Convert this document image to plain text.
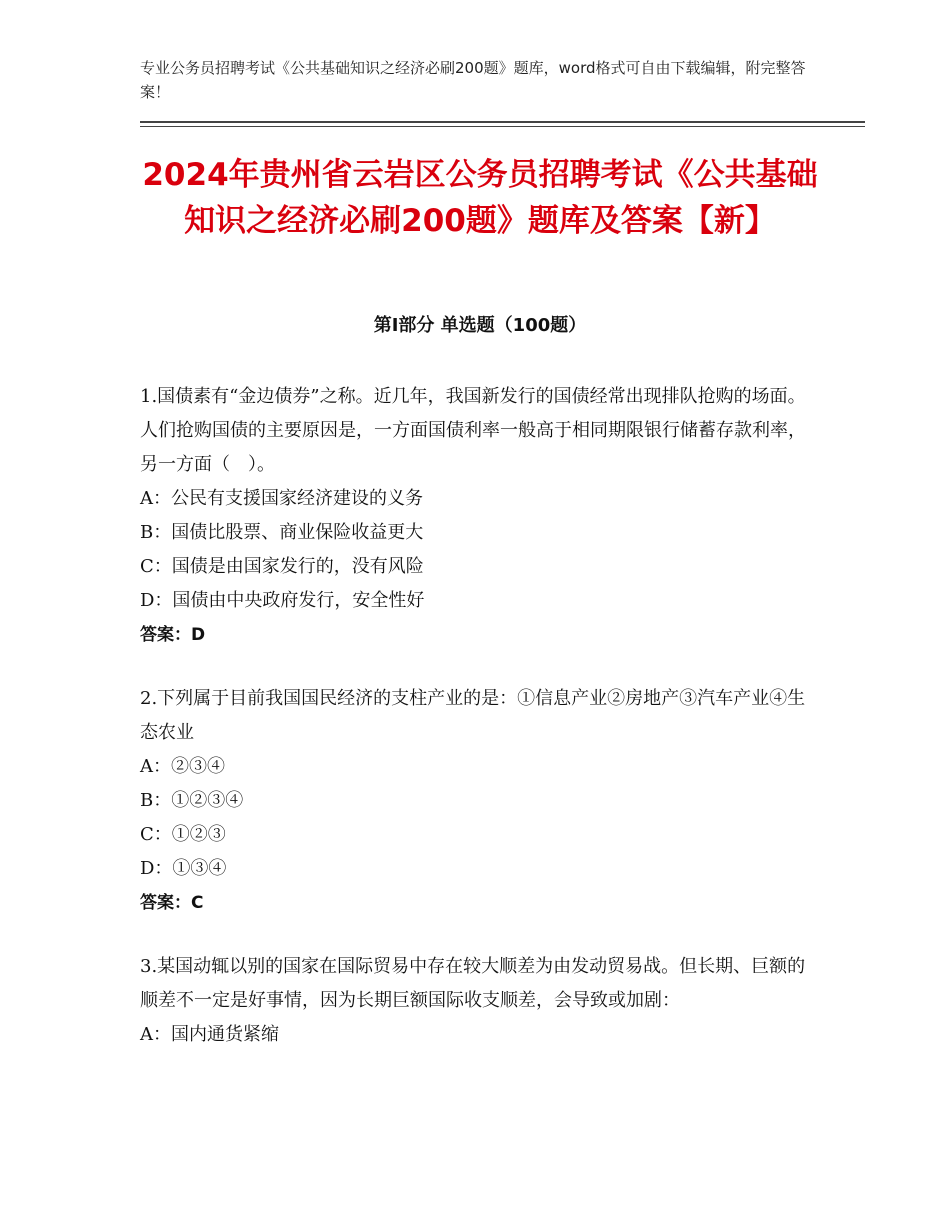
专业公务员招聘考试《公共基础知识之经济必刷200题》题库，word格式可自由下载编辑，附完整答案！
2024年贵州省云岩区公务员招聘考试《公共基础知识之经济必刷200题》题库及答案【新】
第Ⅰ部分 单选题（100题）

1.国债素有“金边债券”之称。近几年，我国新发行的国债经常出现排队抢购的场面。人们抢购国债的主要原因是，一方面国债利率一般高于相同期限银行储蓄存款利率，另一方面（　）。

A：公民有支援国家经济建设的义务

B：国债比股票、商业保险收益更大

C：国债是由国家发行的，没有风险

D：国债由中央政府发行，安全性好

答案：D

2.下列属于目前我国国民经济的支柱产业的是：①信息产业②房地产③汽车产业④生态农业

A：②③④

B：①②③④

C：①②③

D：①③④

答案：C

3.某国动辄以别的国家在国际贸易中存在较大顺差为由发动贸易战。但长期、巨额的顺差不一定是好事情，因为长期巨额国际收支顺差，会导致或加剧：

A：国内通货紧缩
